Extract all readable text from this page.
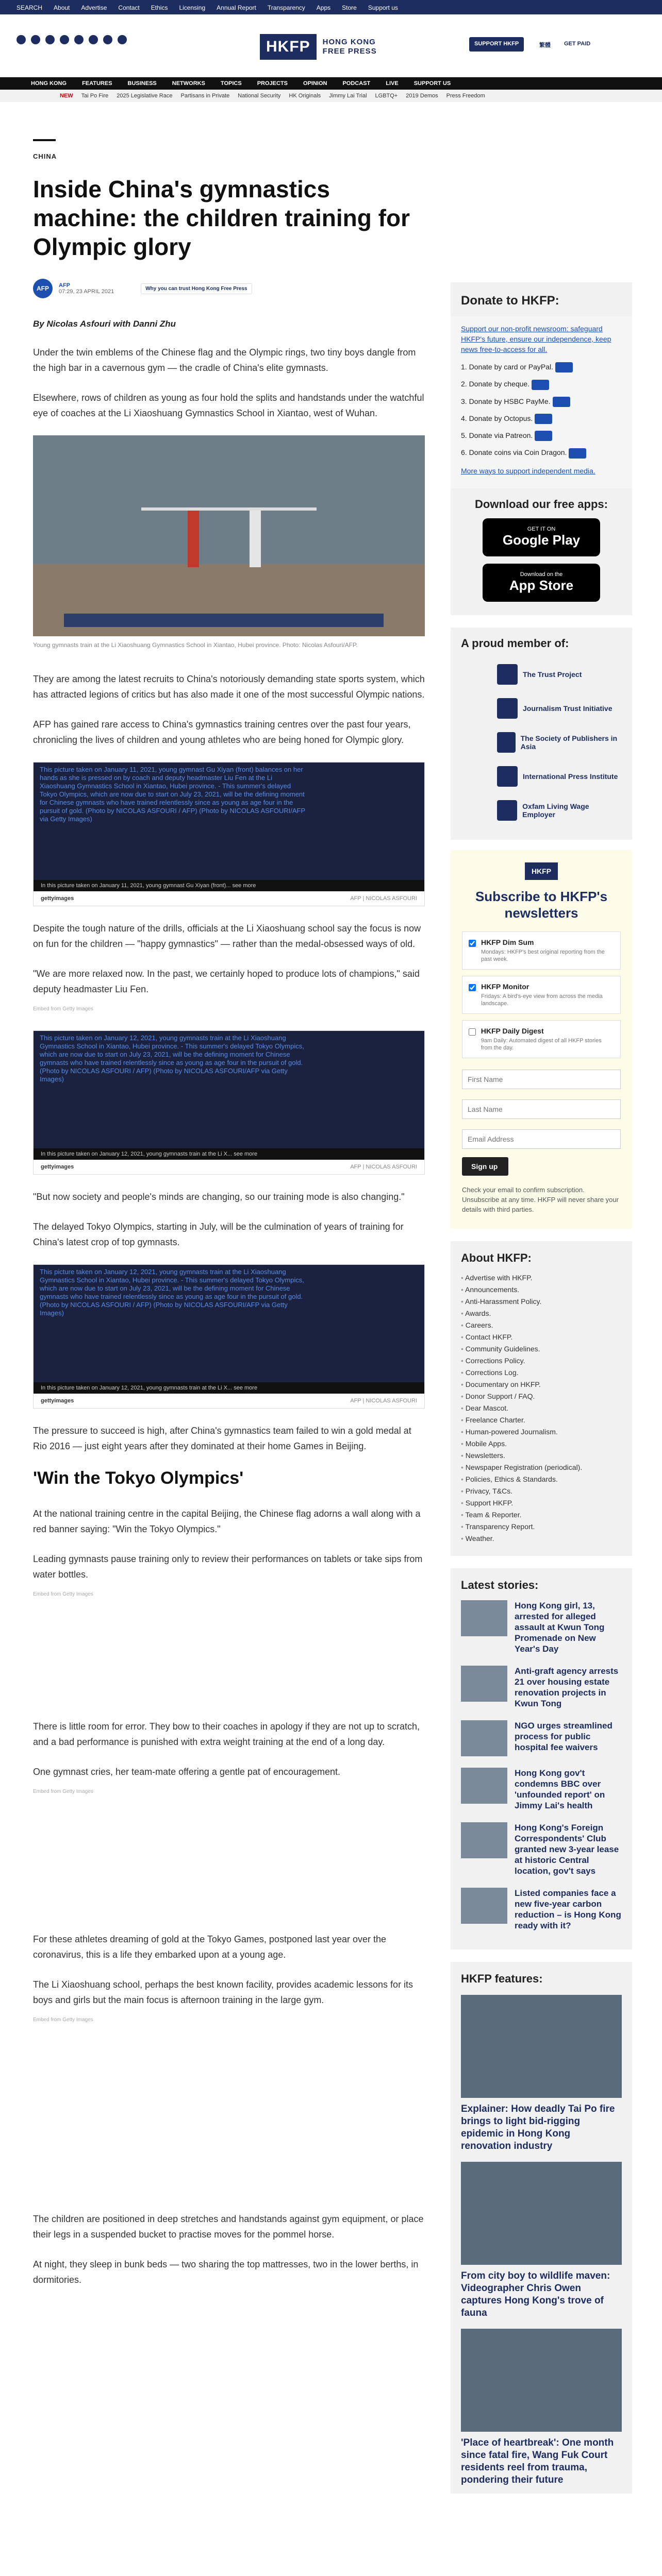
SEARCH About Advertise Contact Ethics Licensing Annual Report Transparency Apps Store Support us
HKFP	HONG KONG
FREE PRESS
SUPPORT HKFP	繁體	GET PAID
HONG KONG	FEATURES	BUSINESS	NETWORKS	TOPICS	PROJECTS	OPINION	PODCAST	LIVE	SUPPORT US
NEW Tai Po Fire 2025 Legislative Race Partisans in Private National Security HK Originals Jimmy Lai Trial LGBTQ+ 2019 Demos Press Freedom
CHINA
Inside China's gymnastics machine: the children training for Olympic glory
AFP	AFP
07:29, 23 APRIL 2021	Why you can trust Hong Kong Free Press
By Nicolas Asfouri with Danni Zhu

Under the twin emblems of the Chinese flag and the Olympic rings, two tiny boys dangle from the high bar in a cavernous gym — the cradle of China's elite gymnasts.

Elsewhere, rows of children as young as four hold the splits and handstands under the watchful eye of coaches at the Li Xiaoshuang Gymnastics School in Xiantao, west of Wuhan.

Young gymnasts train at the Li Xiaoshuang Gymnastics School in Xiantao, Hubei province. Photo: Nicolas Asfouri/AFP.

They are among the latest recruits to China's notoriously demanding state sports system, which has attracted legions of critics but has also made it one of the most successful Olympic nations.

AFP has gained rare access to China's gymnastics training centres over the past four years, chronicling the lives of children and young athletes who are being honed for Olympic glory.

This picture taken on January 11, 2021, young gymnast Gu Xiyan (front) balances on her hands as she is pressed on by coach and deputy headmaster Liu Fen at the Li Xiaoshuang Gymnastics School in Xiantao, Hubei province. - This summer's delayed Tokyo Olympics, which are now due to start on July 23, 2021, will be the defining moment for Chinese gymnasts who have trained relentlessly since as young as age four in the pursuit of gold. (Photo by NICOLAS ASFOURI / AFP) (Photo by NICOLAS ASFOURI/AFP via Getty Images)
In this picture taken on January 11, 2021, young gymnast Gu Xiyan (front)... see more
gettyimages	AFP | NICOLAS ASFOURI

Despite the tough nature of the drills, officials at the Li Xiaoshuang school say the focus is now on fun for the children — "happy gymnastics" — rather than the medal-obsessed ways of old.

"We are more relaxed now. In the past, we certainly hoped to produce lots of champions," said deputy headmaster Liu Fen.

Embed from Getty Images
This picture taken on January 12, 2021, young gymnasts train at the Li Xiaoshuang Gymnastics School in Xiantao, Hubei province. - This summer's delayed Tokyo Olympics, which are now due to start on July 23, 2021, will be the defining moment for Chinese gymnasts who have trained relentlessly since as young as age four in the pursuit of gold. (Photo by NICOLAS ASFOURI / AFP) (Photo by NICOLAS ASFOURI/AFP via Getty Images)
In this picture taken on January 12, 2021, young gymnasts train at the Li X... see more
gettyimages	AFP | NICOLAS ASFOURI

"But now society and people's minds are changing, so our training mode is also changing."

The delayed Tokyo Olympics, starting in July, will be the culmination of years of training for China's latest crop of top gymnasts.

This picture taken on January 12, 2021, young gymnasts train at the Li Xiaoshuang Gymnastics School in Xiantao, Hubei province. - This summer's delayed Tokyo Olympics, which are now due to start on July 23, 2021, will be the defining moment for Chinese gymnasts who have trained relentlessly since as young as age four in the pursuit of gold. (Photo by NICOLAS ASFOURI / AFP) (Photo by NICOLAS ASFOURI/AFP via Getty Images)
In this picture taken on January 12, 2021, young gymnasts train at the Li X... see more
gettyimages	AFP | NICOLAS ASFOURI

The pressure to succeed is high, after China's gymnastics team failed to win a gold medal at Rio 2016 — just eight years after they dominated at their home Games in Beijing.

'Win the Tokyo Olympics'

At the national training centre in the capital Beijing, the Chinese flag adorns a wall along with a red banner saying: "Win the Tokyo Olympics."

Leading gymnasts pause training only to review their performances on tablets or take sips from water bottles.

Embed from Getty Images

There is little room for error. They bow to their coaches in apology if they are not up to scratch, and a bad performance is punished with extra weight training at the end of a long day.

One gymnast cries, her team-mate offering a gentle pat of encouragement.

Embed from Getty Images

For these athletes dreaming of gold at the Tokyo Games, postponed last year over the coronavirus, this is a life they embarked upon at a young age.

The Li Xiaoshuang school, perhaps the best known facility, provides academic lessons for its boys and girls but the main focus is afternoon training in the large gym.

Embed from Getty Images

The children are positioned in deep stretches and handstands against gym equipment, or place their legs in a suspended bucket to practise moves for the pommel horse.

At night, they sleep in bunk beds — two sharing the top mattresses, two in the lower berths, in dormitories.

Donate to HKFP:
Support our non-profit newsroom: safeguard HKFP's future, ensure our independence, keep news free-to-access for all.
1. Donate by card or PayPal.
2. Donate by cheque.
3. Donate by HSBC PayMe.
4. Donate by Octopus.
5. Donate via Patreon.
6. Donate coins via Coin Dragon.
More ways to support independent media.
Download our free apps:
GET IT ON
Google Play
Download on the
App Store
A proud member of:
The Trust Project
Journalism Trust Initiative
The Society of Publishers in Asia
International Press Institute
Oxfam Living Wage Employer
HKFP
Subscribe to HKFP's newsletters
HKFP Dim Sum
Mondays: HKFP's best original reporting from the past week.
HKFP Monitor
Fridays: A bird's-eye view from across the media landscape.
HKFP Daily Digest
9am Daily: Automated digest of all HKFP stories from the day.
First Name Last Name Email Address
Sign up
Check your email to confirm subscription. Unsubscribe at any time. HKFP will never share your details with third parties.
About HKFP:
• Advertise with HKFP.
• Announcements.
• Anti-Harassment Policy.
• Awards.
• Careers.
• Contact HKFP.
• Community Guidelines.
• Corrections Policy.
• Corrections Log.
• Documentary on HKFP.
• Donor Support / FAQ.
• Dear Mascot.
• Freelance Charter.
• Human-powered Journalism.
• Mobile Apps.
• Newsletters.
• Newspaper Registration (periodical).
• Policies, Ethics & Standards.
• Privacy, T&Cs.
• Support HKFP.
• Team & Reporter.
• Transparency Report.
• Weather.
Latest stories:
Hong Kong girl, 13, arrested for alleged assault at Kwun Tong Promenade on New Year's Day
Anti-graft agency arrests 21 over housing estate renovation projects in Kwun Tong
NGO urges streamlined process for public hospital fee waivers
Hong Kong gov't condemns BBC over 'unfounded report' on Jimmy Lai's health
Hong Kong's Foreign Correspondents' Club granted new 3-year lease at historic Central location, gov't says
Listed companies face a new five-year carbon reduction – is Hong Kong ready with it?
HKFP features:
Explainer: How deadly Tai Po fire brings to light bid-rigging epidemic in Hong Kong renovation industry
From city boy to wildlife maven: Videographer Chris Owen captures Hong Kong's trove of fauna
'Place of heartbreak': One month since fatal fire, Wang Fuk Court residents reel from trauma, pondering their future
